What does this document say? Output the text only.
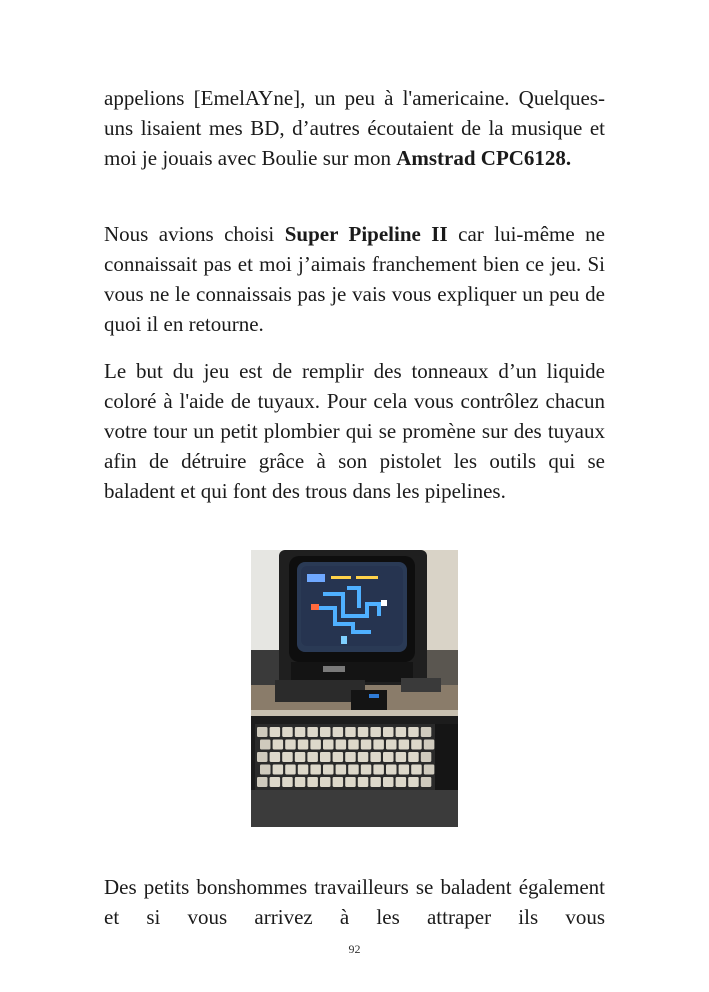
appelions [EmelAYne], un peu à l'americaine. Quelques-uns lisaient mes BD, d’autres écoutaient de la musique et moi je jouais avec Boulie sur mon Amstrad CPC6128.

Nous avions choisi Super Pipeline II car lui-même ne connaissait pas et moi j’aimais franchement bien ce jeu. Si vous ne le connaissais pas je vais vous expliquer un peu de quoi il en retourne.

Le but du jeu est de remplir des tonneaux d’un liquide coloré à l'aide de tuyaux. Pour cela vous contrôlez chacun votre tour un petit plombier qui se promène sur des tuyaux afin de détruire grâce à son pistolet les outils qui se baladent et qui font des trous dans les pipelines.

Des petits bonshommes travailleurs se baladent également et si vous arrivez à les attraper ils vous

92
